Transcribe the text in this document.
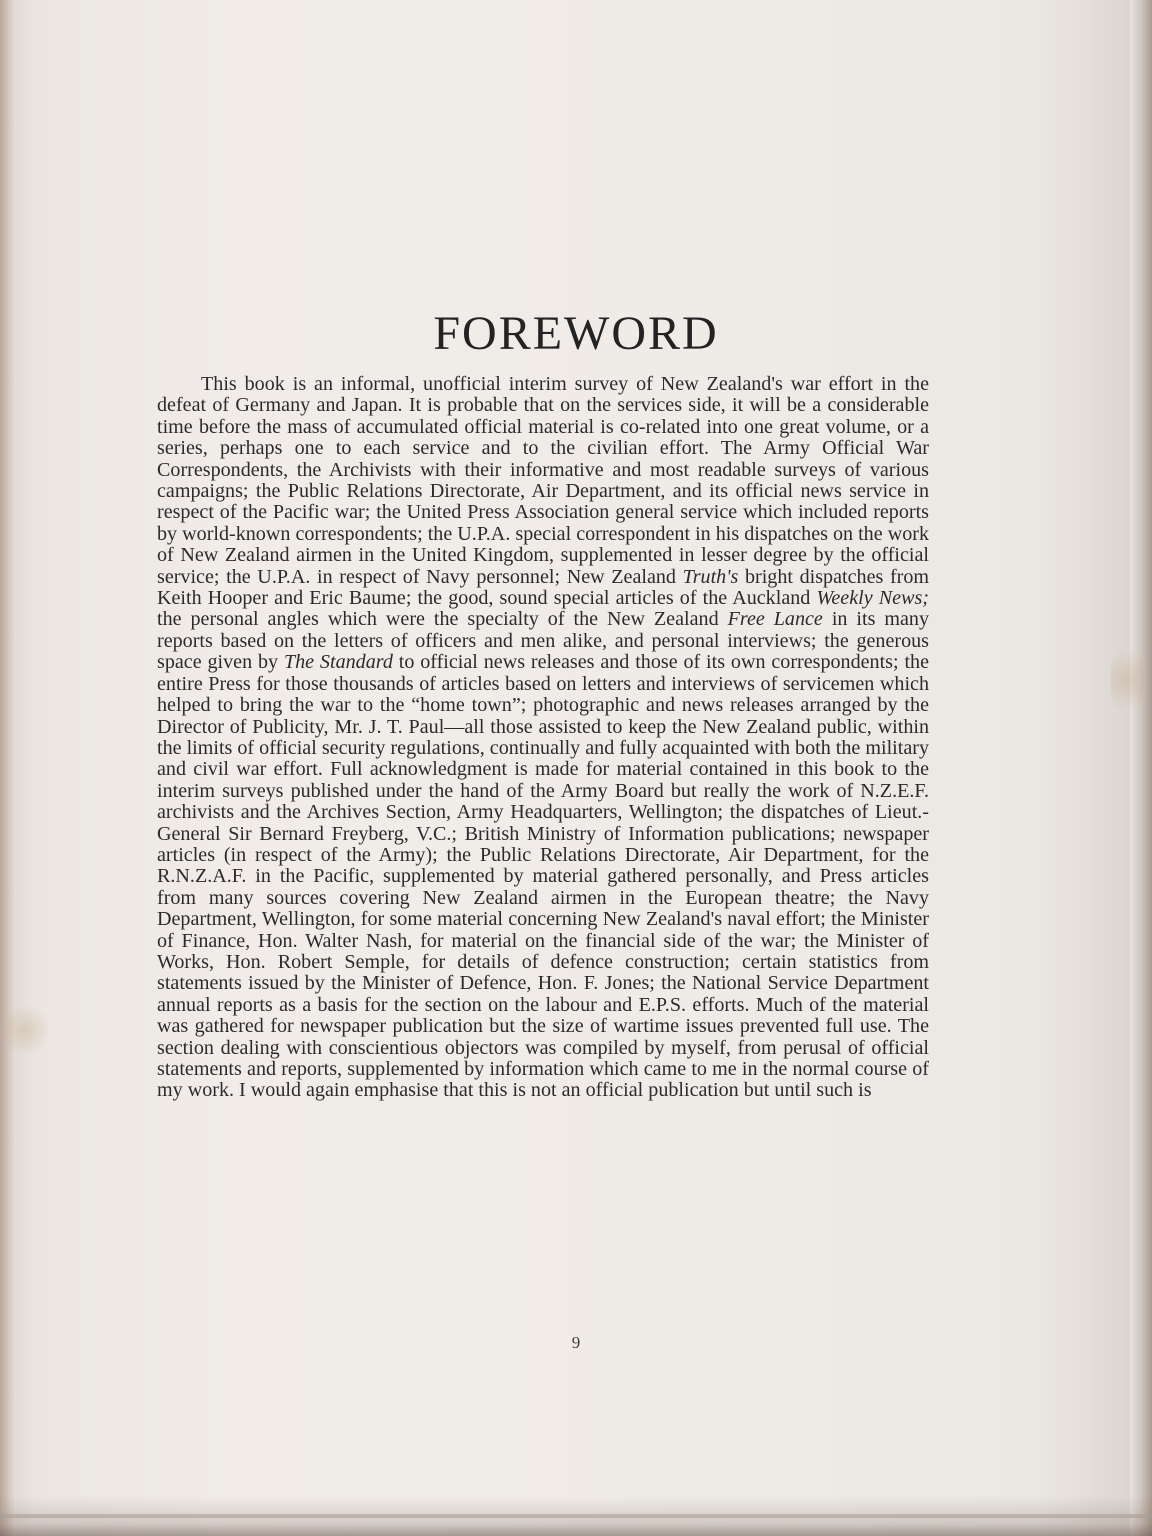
FOREWORD

This book is an informal, unofficial interim survey of New Zealand's war effort in the defeat of Germany and Japan. It is probable that on the services side, it will be a considerable time before the mass of accumulated official material is co-related into one great volume, or a series, perhaps one to each service and to the civilian effort. The Army Official War Correspondents, the Archivists with their informative and most readable surveys of various campaigns; the Public Relations Directorate, Air Department, and its official news service in respect of the Pacific war; the United Press Association general service which included reports by world-known correspondents; the U.P.A. special correspondent in his dispatches on the work of New Zealand airmen in the United Kingdom, supplemented in lesser degree by the official service; the U.P.A. in respect of Navy personnel; New Zealand Truth's bright dispatches from Keith Hooper and Eric Baume; the good, sound special articles of the Auckland Weekly News; the personal angles which were the specialty of the New Zealand Free Lance in its many reports based on the letters of officers and men alike, and personal interviews; the generous space given by The Standard to official news releases and those of its own correspondents; the entire Press for those thousands of articles based on letters and interviews of servicemen which helped to bring the war to the “home town”; photographic and news releases arranged by the Director of Publicity, Mr. J. T. Paul—all those assisted to keep the New Zealand public, within the limits of official security regulations, continually and fully acquainted with both the military and civil war effort. Full acknowledgment is made for material contained in this book to the interim surveys published under the hand of the Army Board but really the work of N.Z.E.F. archivists and the Archives Section, Army Headquarters, Wellington; the dispatches of Lieut.-General Sir Bernard Freyberg, V.C.; British Ministry of Information publications; newspaper articles (in respect of the Army); the Public Relations Directorate, Air Department, for the R.N.Z.A.F. in the Pacific, supplemented by material gathered personally, and Press articles from many sources covering New Zealand airmen in the European theatre; the Navy Department, Wellington, for some material concerning New Zealand's naval effort; the Minister of Finance, Hon. Walter Nash, for material on the financial side of the war; the Minister of Works, Hon. Robert Semple, for details of defence construction; certain statistics from statements issued by the Minister of Defence, Hon. F. Jones; the National Service Department annual reports as a basis for the section on the labour and E.P.S. efforts. Much of the material was gathered for newspaper publication but the size of wartime issues prevented full use. The section dealing with conscientious objectors was compiled by myself, from perusal of official statements and reports, supplemented by information which came to me in the normal course of my work. I would again emphasise that this is not an official publication but until such is

9
